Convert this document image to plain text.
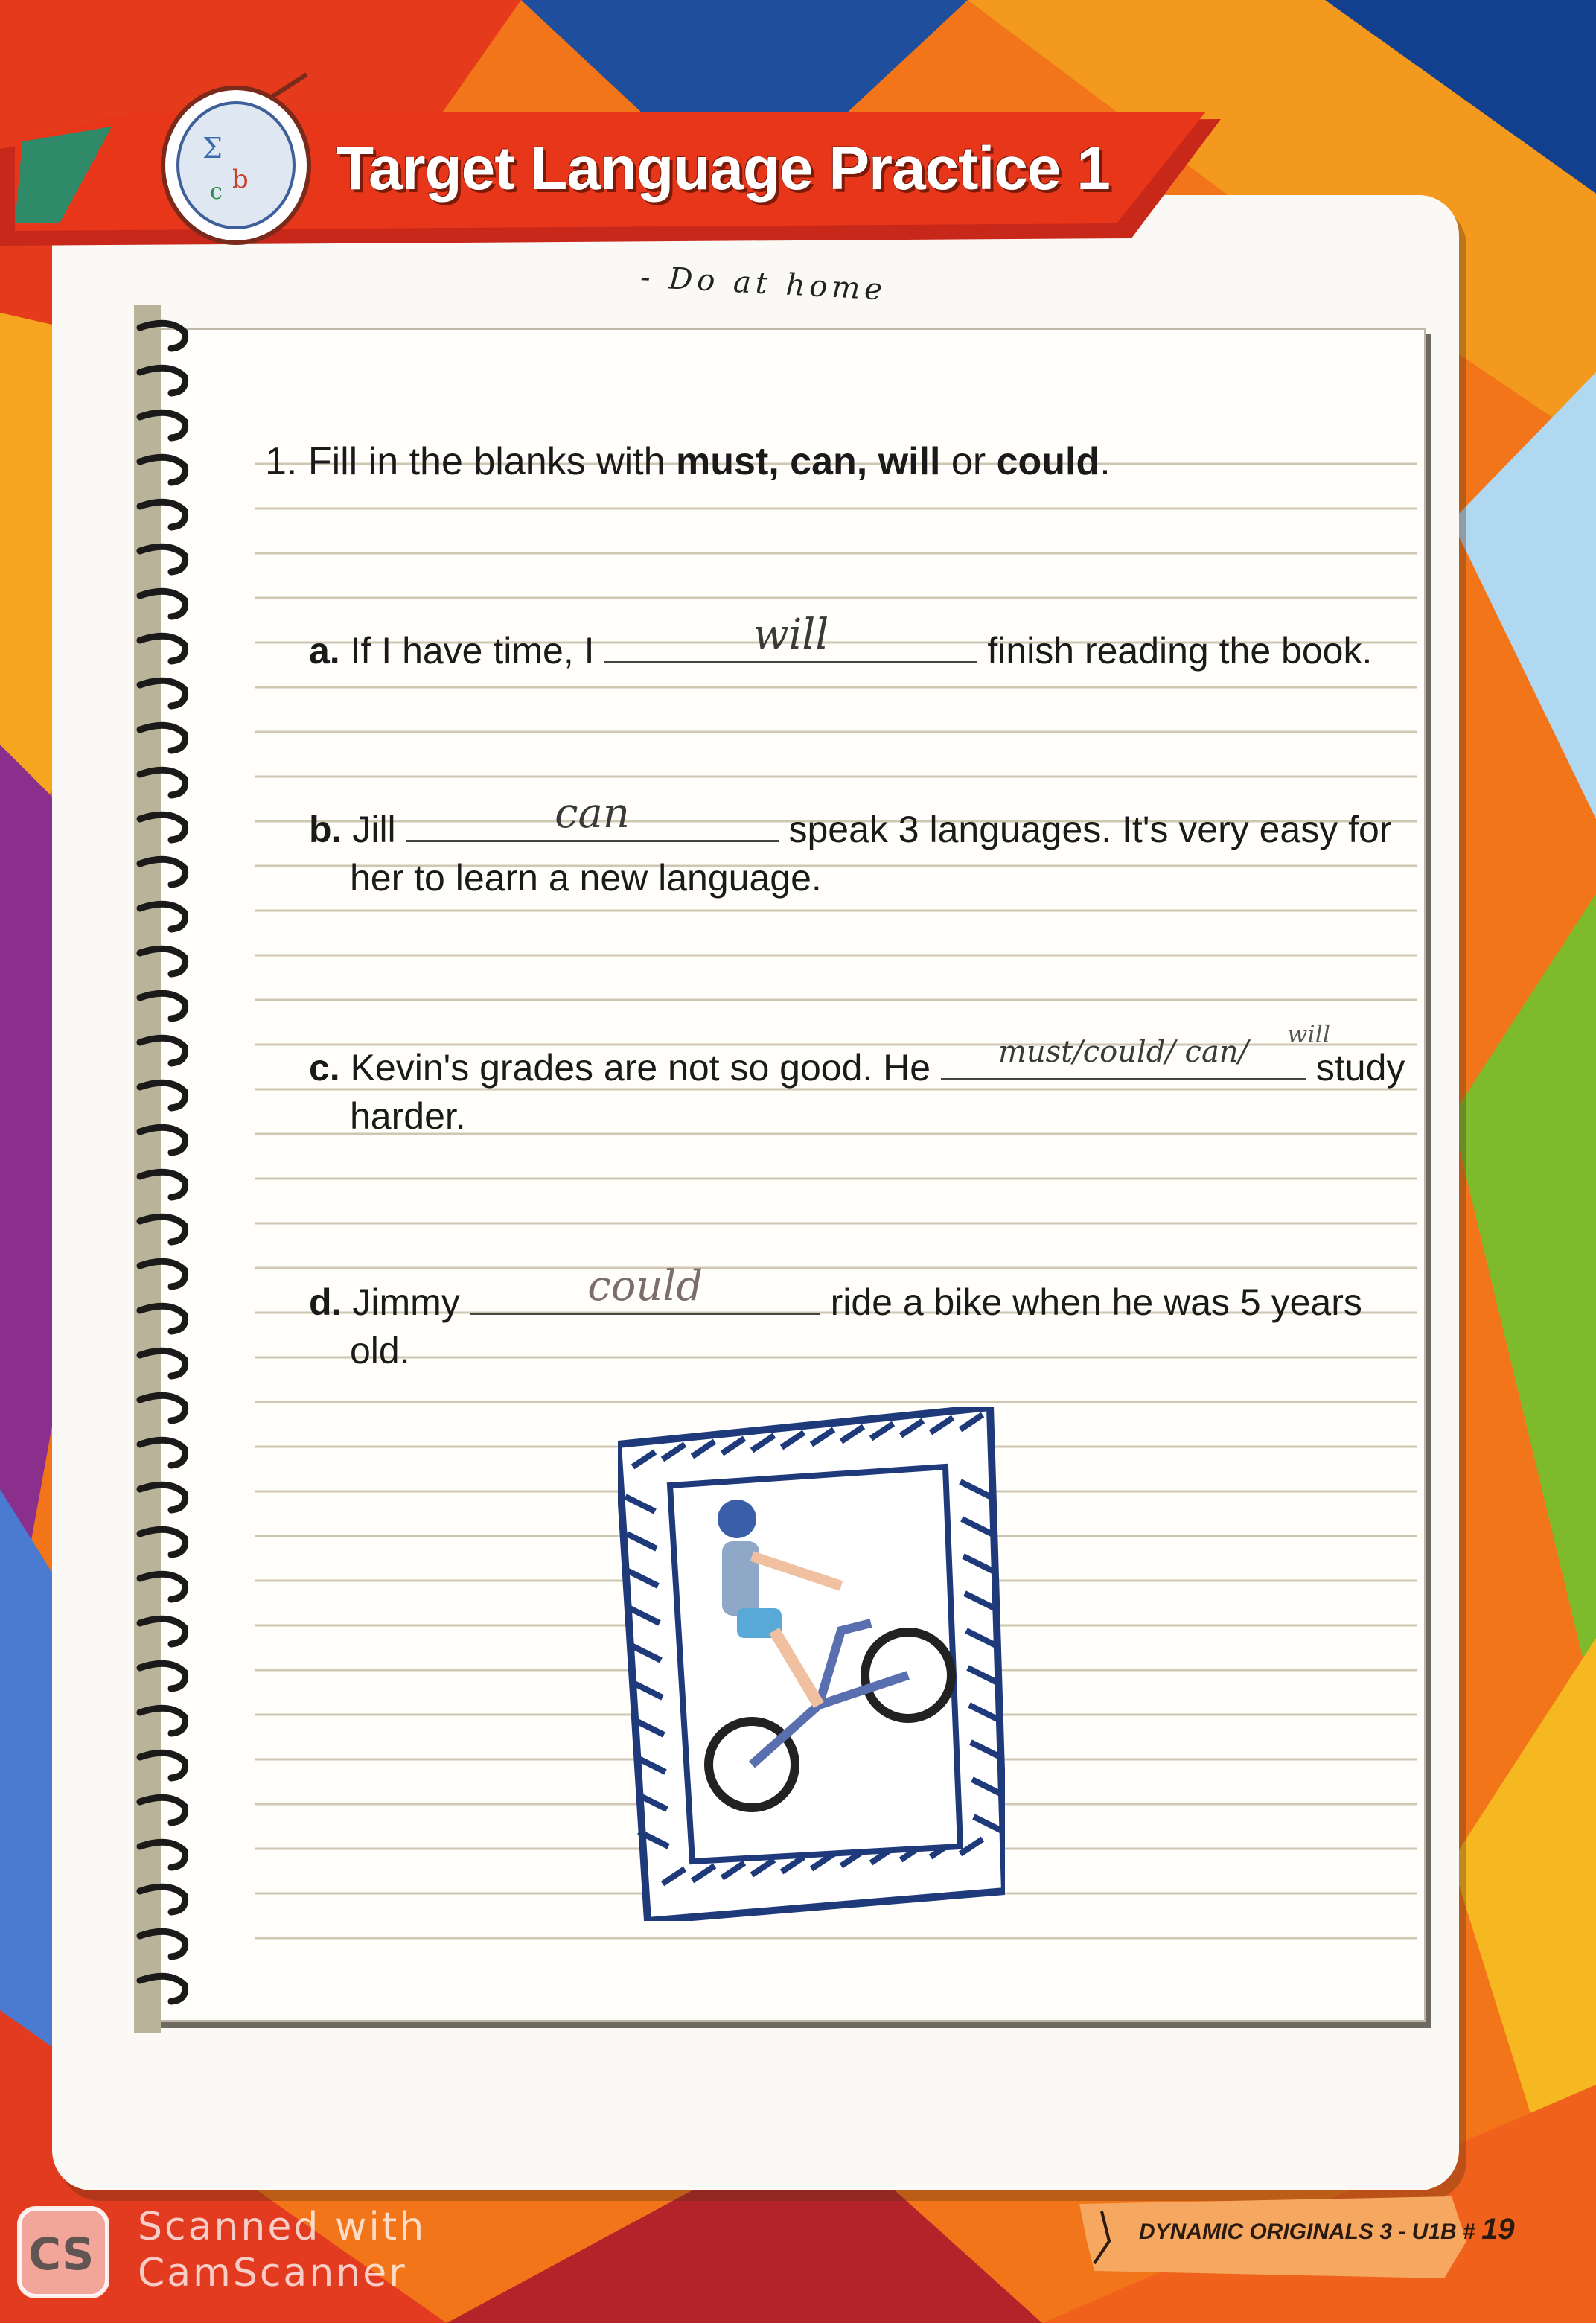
Ʃ
b
c Target Language Practice 1
- Do at home
1. Fill in the blanks with must, can, will or could.
a. If I have time, I	will	finish reading the book.
b. Jill	can	speak 3 languages. It's very easy for
her to learn a new language.
c. Kevin's grades are not so good. He	must/could/ can/
will
study
harder.
d. Jimmy	could	ride a bike when he was 5 years
old.
DYNAMIC ORIGINALS 3 - U1B # 19
CS
Scanned with
CamScanner
